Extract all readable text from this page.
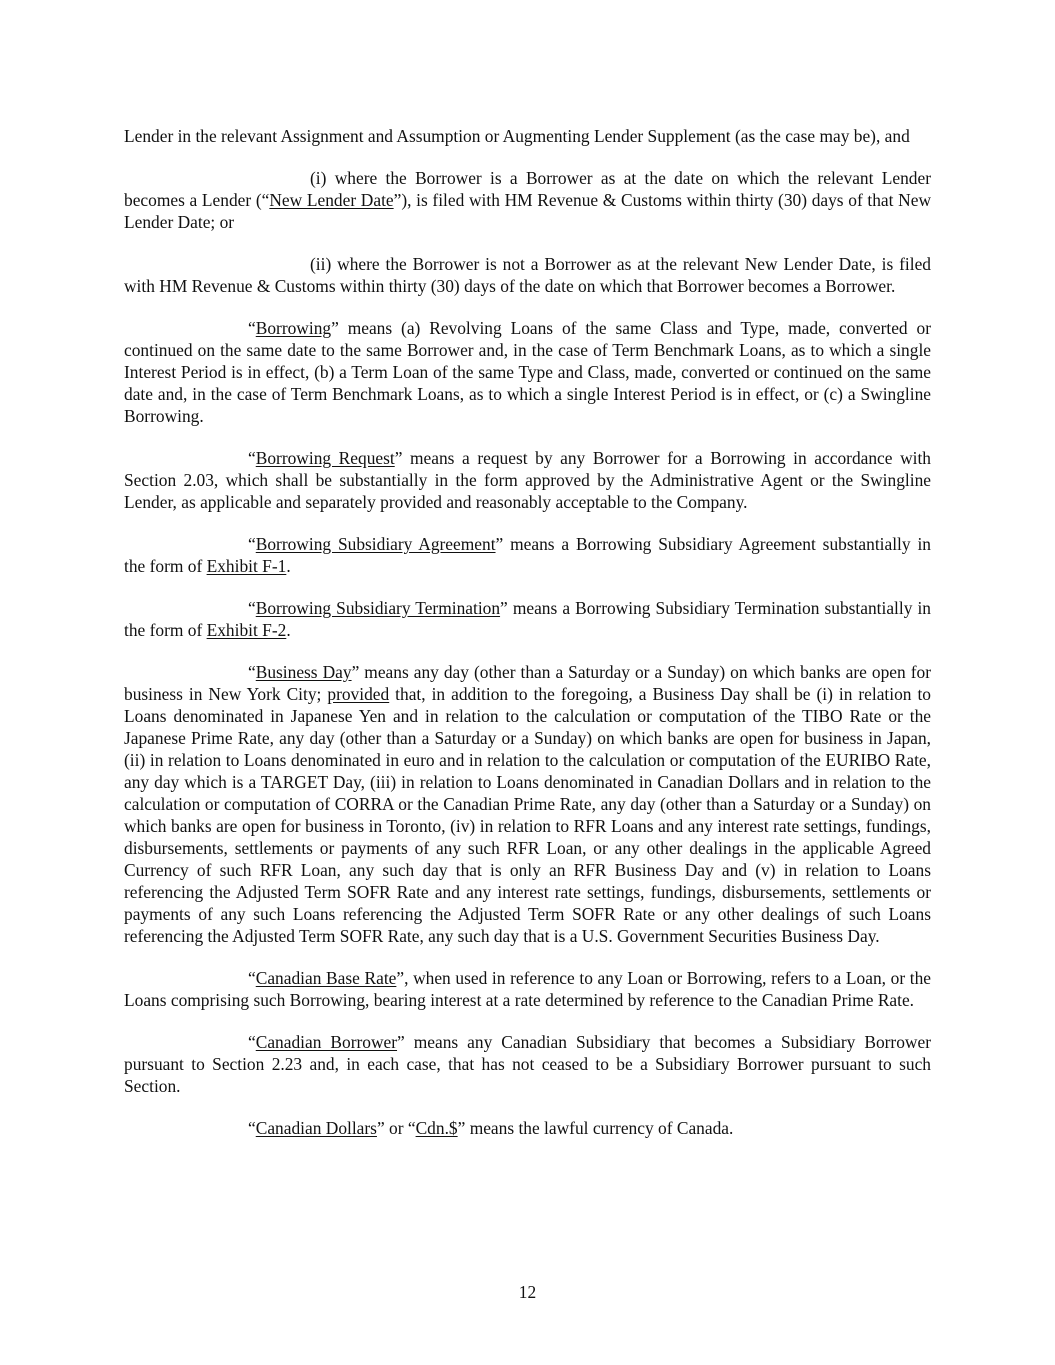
Lender in the relevant Assignment and Assumption or Augmenting Lender Supplement (as the case may be), and

(i) where the Borrower is a Borrower as at the date on which the relevant Lender becomes a Lender (“New Lender Date”), is filed with HM Revenue & Customs within thirty (30) days of that New Lender Date; or

(ii) where the Borrower is not a Borrower as at the relevant New Lender Date, is filed with HM Revenue & Customs within thirty (30) days of the date on which that Borrower becomes a Borrower.

“Borrowing” means (a) Revolving Loans of the same Class and Type, made, converted or continued on the same date to the same Borrower and, in the case of Term Benchmark Loans, as to which a single Interest Period is in effect, (b) a Term Loan of the same Type and Class, made, converted or continued on the same date and, in the case of Term Benchmark Loans, as to which a single Interest Period is in effect, or (c) a Swingline Borrowing.

“Borrowing Request” means a request by any Borrower for a Borrowing in accordance with Section 2.03, which shall be substantially in the form approved by the Administrative Agent or the Swingline Lender, as applicable and separately provided and reasonably acceptable to the Company.

“Borrowing Subsidiary Agreement” means a Borrowing Subsidiary Agreement substantially in the form of Exhibit F-1.

“Borrowing Subsidiary Termination” means a Borrowing Subsidiary Termination substantially in the form of Exhibit F-2.

“Business Day” means any day (other than a Saturday or a Sunday) on which banks are open for business in New York City; provided that, in addition to the foregoing, a Business Day shall be (i) in relation to Loans denominated in Japanese Yen and in relation to the calculation or computation of the TIBO Rate or the Japanese Prime Rate, any day (other than a Saturday or a Sunday) on which banks are open for business in Japan, (ii) in relation to Loans denominated in euro and in relation to the calculation or computation of the EURIBO Rate, any day which is a TARGET Day, (iii) in relation to Loans denominated in Canadian Dollars and in relation to the calculation or computation of CORRA or the Canadian Prime Rate, any day (other than a Saturday or a Sunday) on which banks are open for business in Toronto, (iv) in relation to RFR Loans and any interest rate settings, fundings, disbursements, settlements or payments of any such RFR Loan, or any other dealings in the applicable Agreed Currency of such RFR Loan, any such day that is only an RFR Business Day and (v) in relation to Loans referencing the Adjusted Term SOFR Rate and any interest rate settings, fundings, disbursements, settlements or payments of any such Loans referencing the Adjusted Term SOFR Rate or any other dealings of such Loans referencing the Adjusted Term SOFR Rate, any such day that is a U.S. Government Securities Business Day.

“Canadian Base Rate”, when used in reference to any Loan or Borrowing, refers to a Loan, or the Loans comprising such Borrowing, bearing interest at a rate determined by reference to the Canadian Prime Rate.

“Canadian Borrower” means any Canadian Subsidiary that becomes a Subsidiary Borrower pursuant to Section 2.23 and, in each case, that has not ceased to be a Subsidiary Borrower pursuant to such Section.

“Canadian Dollars” or “Cdn.$” means the lawful currency of Canada.

12
